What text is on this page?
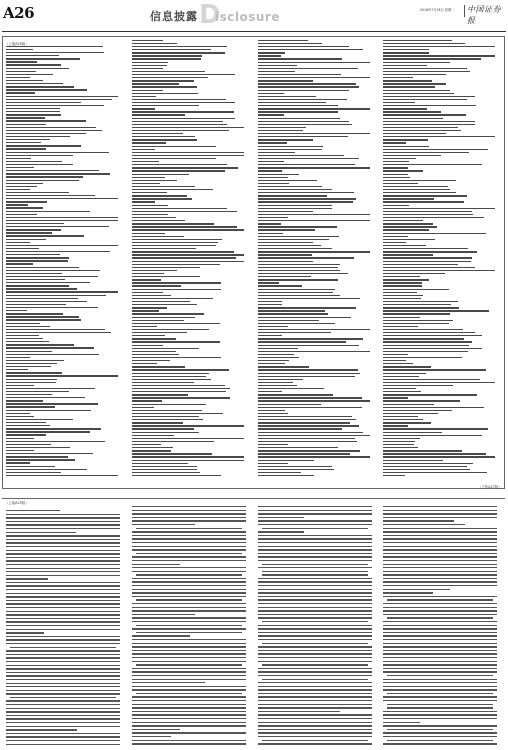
A26	信息披露 D
isclosure	2016年7月18日 星期一 中国证券报
（上接A25版）
（下转A27版）
（上接A25版）
